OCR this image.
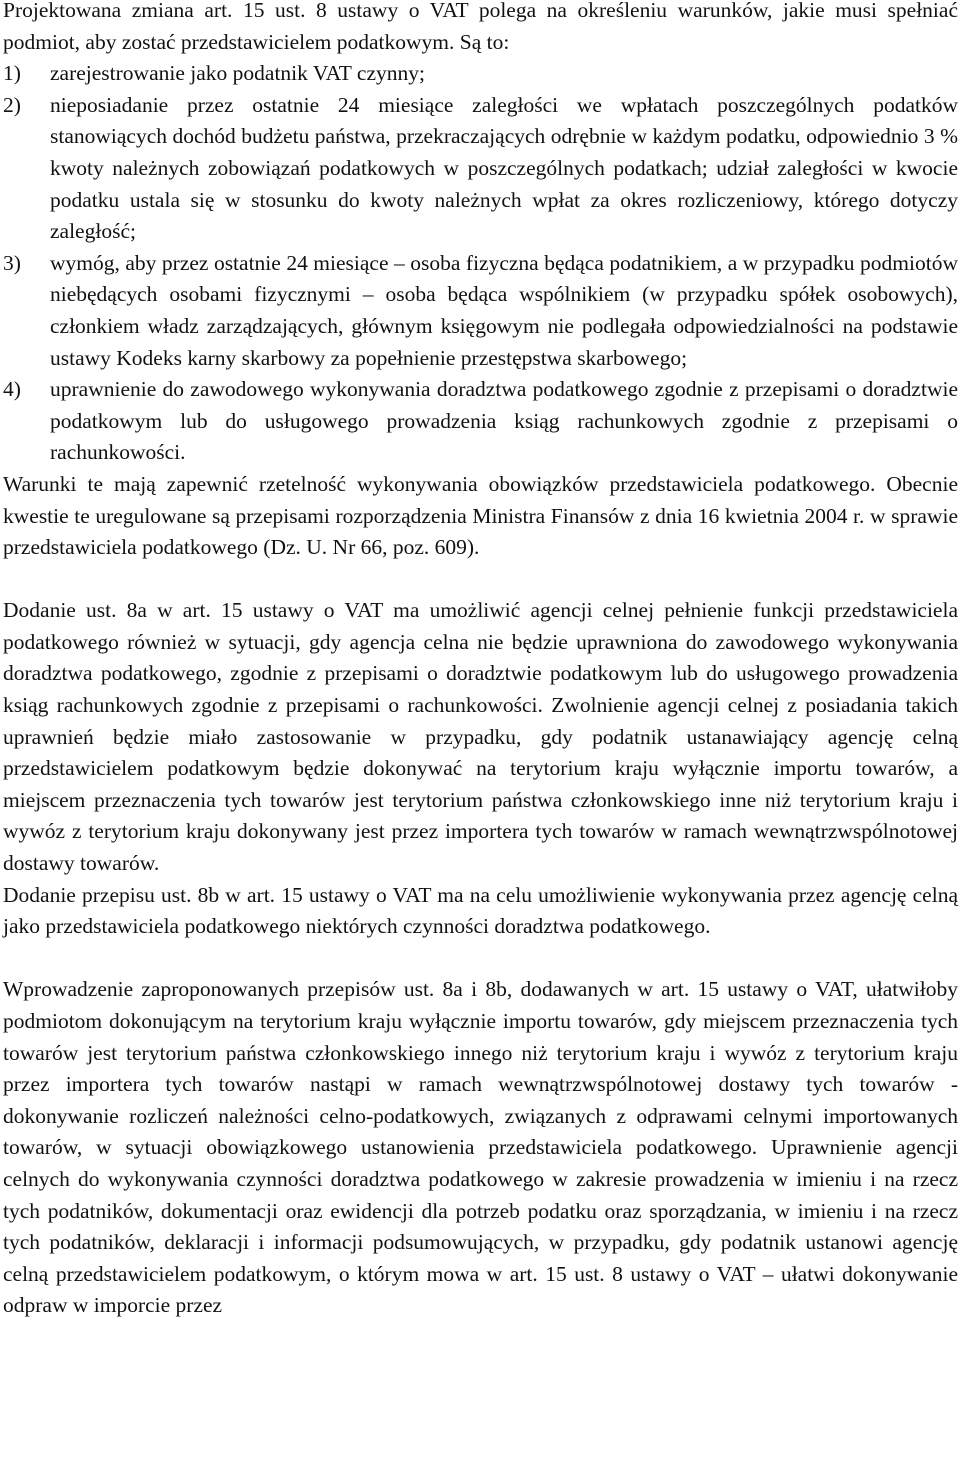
Projektowana zmiana art. 15 ust. 8 ustawy o VAT polega na określeniu warunków, jakie musi spełniać podmiot, aby zostać przedstawicielem podatkowym. Są to:

1) zarejestrowanie jako podatnik VAT czynny;
2) nieposiadanie przez ostatnie 24 miesiące zaległości we wpłatach poszczególnych podatków stanowiących dochód budżetu państwa, przekraczających odrębnie w każdym podatku, odpowiednio 3 % kwoty należnych zobowiązań podatkowych w poszczególnych podatkach; udział zaległości w kwocie podatku ustala się w stosunku do kwoty należnych wpłat za okres rozliczeniowy, którego dotyczy zaległość;
3) wymóg, aby przez ostatnie 24 miesiące – osoba fizyczna będąca podatnikiem, a w przypadku podmiotów niebędących osobami fizycznymi – osoba będąca wspólnikiem (w przypadku spółek osobowych), członkiem władz zarządzających, głównym księgowym nie podlegała odpowiedzialności na podstawie ustawy Kodeks karny skarbowy za popełnienie przestępstwa skarbowego;
4) uprawnienie do zawodowego wykonywania doradztwa podatkowego zgodnie z przepisami o doradztwie podatkowym lub do usługowego prowadzenia ksiąg rachunkowych zgodnie z przepisami o rachunkowości.

Warunki te mają zapewnić rzetelność wykonywania obowiązków przedstawiciela podatkowego. Obecnie kwestie te uregulowane są przepisami rozporządzenia Ministra Finansów z dnia 16 kwietnia 2004 r. w sprawie przedstawiciela podatkowego (Dz. U. Nr 66, poz. 609).

Dodanie ust. 8a w art. 15 ustawy o VAT ma umożliwić agencji celnej pełnienie funkcji przedstawiciela podatkowego również w sytuacji, gdy agencja celna nie będzie uprawniona do zawodowego wykonywania doradztwa podatkowego, zgodnie z przepisami o doradztwie podatkowym lub do usługowego prowadzenia ksiąg rachunkowych zgodnie z przepisami o rachunkowości. Zwolnienie agencji celnej z posiadania takich uprawnień będzie miało zastosowanie w przypadku, gdy podatnik ustanawiający agencję celną przedstawicielem podatkowym będzie dokonywać na terytorium kraju wyłącznie importu towarów, a miejscem przeznaczenia tych towarów jest terytorium państwa członkowskiego inne niż terytorium kraju i wywóz z terytorium kraju dokonywany jest przez importera tych towarów w ramach wewnątrzwspólnotowej dostawy towarów.

Dodanie przepisu ust. 8b w art. 15 ustawy o VAT ma na celu umożliwienie wykonywania przez agencję celną jako przedstawiciela podatkowego niektórych czynności doradztwa podatkowego.

Wprowadzenie zaproponowanych przepisów ust. 8a i 8b, dodawanych w art. 15 ustawy o VAT, ułatwiłoby podmiotom dokonującym na terytorium kraju wyłącznie importu towarów, gdy miejscem przeznaczenia tych towarów jest terytorium państwa członkowskiego innego niż terytorium kraju i wywóz z terytorium kraju przez importera tych towarów nastąpi w ramach wewnątrzwspólnotowej dostawy tych towarów - dokonywanie rozliczeń należności celno-podatkowych, związanych z odprawami celnymi importowanych towarów, w sytuacji obowiązkowego ustanowienia przedstawiciela podatkowego. Uprawnienie agencji celnych do wykonywania czynności doradztwa podatkowego w zakresie prowadzenia w imieniu i na rzecz tych podatników, dokumentacji oraz ewidencji dla potrzeb podatku oraz sporządzania, w imieniu i na rzecz tych podatników, deklaracji i informacji podsumowujących, w przypadku, gdy podatnik ustanowi agencję celną przedstawicielem podatkowym, o którym mowa w art. 15 ust. 8 ustawy o VAT – ułatwi dokonywanie odpraw w imporcie przez
